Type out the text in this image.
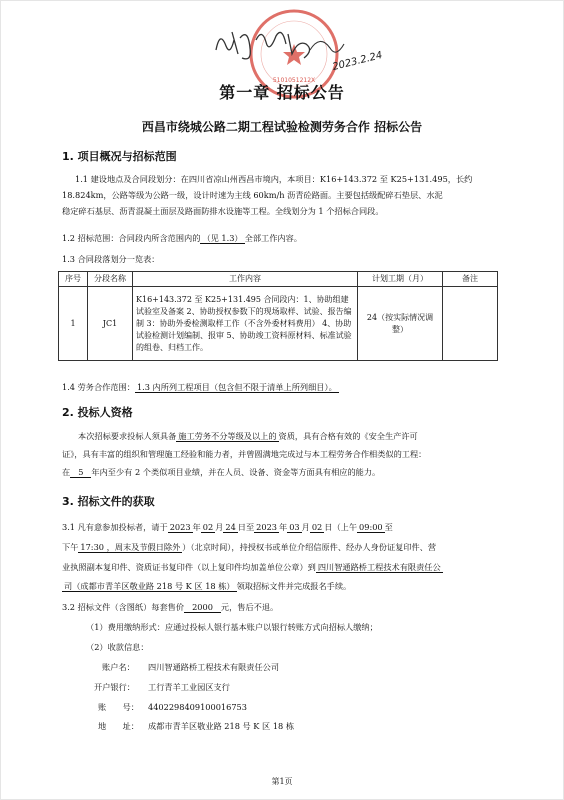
5101051212X
2023.2.24
第一章 招标公告
西昌市绕城公路二期工程试验检测劳务合作 招标公告
1. 项目概况与招标范围
1.1 建设地点及合同段划分：在四川省凉山州西昌市境内，本项目：K16+143.372 至 K25+131.495，长约
18.824km，公路等级为公路一级，设计时速为主线 60km/h 沥青砼路面。主要包括级配碎石垫层、水泥
稳定碎石基层、沥青混凝土面层及路面防排水设施等工程。全线划分为 1 个招标合同段。
1.2 招标范围：合同段内所含范围内的 （见 1.3） 全部工作内容。
1.3 合同段落划分一览表：
序号	分段名称	工作内容	计划工期（月）	备注
1	JC1	K16+143.372 至 K25+131.495 合同段内：1、协助组建试验室及备案 2、协助授权参数下的现场取样、试验、报告编制 3：协助外委检测取样工作（不含外委材料费用） 4、协助试验检测计划编制、报审 5、协助竣工资料原材料、标准试验的组卷、归档工作。	24（按实际情况调整）	
1.4 劳务合作范围： 1.3 内所列工程项目（包含但不限于清单上所列细目）。
2. 投标人资格
本次招标要求投标人须具备 施工劳务不分等级及以上的 资质，具有合格有效的《安全生产许可
证》，具有丰富的组织和管理施工经验和能力者，并曾圆满地完成过与本工程劳务合作相类似的工程：
在 5 年内至少有 2 个类似项目业绩，并在人员、设备、资金等方面具有相应的能力。
3. 招标文件的获取
3.1 凡有意参加投标者，请于 2023 年 02 月 24 日至 2023 年 03 月 02 日（上午 09:00 至
下午 17:30 ，周末及节假日除外 ）（北京时间），持授权书或单位介绍信原件、经办人身份证复印件、营
业执照副本复印件、资质证书复印件（以上复印件均加盖单位公章）到 四川智通路桥工程技术有限责任公
司（成都市青羊区敬业路 218 号 K 区 18 栋） 领取招标文件并完成报名手续。
3.2 招标文件（含图纸）每套售价 2000 元，售后不退。
（1）费用缴纳形式：应通过投标人银行基本账户以银行转账方式向招标人缴纳；
（2）收款信息：
账户名： 四川智通路桥工程技术有限责任公司
开户银行： 工行青羊工业园区支行
账　　号： 4402298409100016753
地　　址： 成都市青羊区敬业路 218 号 K 区 18 栋
第1页
